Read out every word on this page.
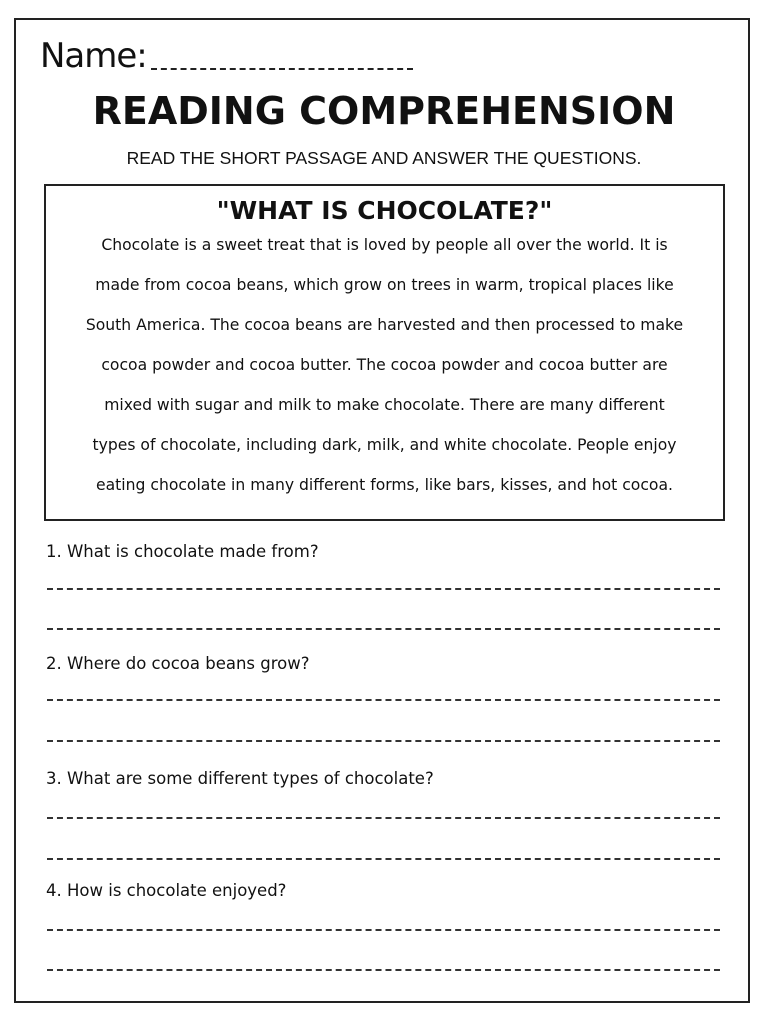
Name:
READING COMPREHENSION
READ THE SHORT PASSAGE AND ANSWER THE QUESTIONS.
"WHAT IS CHOCOLATE?"
Chocolate is a sweet treat that is loved by people all over the world. It is
made from cocoa beans, which grow on trees in warm, tropical places like
South America. The cocoa beans are harvested and then processed to make
cocoa powder and cocoa butter. The cocoa powder and cocoa butter are
mixed with sugar and milk to make chocolate. There are many different
types of chocolate, including dark, milk, and white chocolate. People enjoy
eating chocolate in many different forms, like bars, kisses, and hot cocoa.
1. What is chocolate made from?
2. Where do cocoa beans grow?
3. What are some different types of chocolate?
4. How is chocolate enjoyed?
